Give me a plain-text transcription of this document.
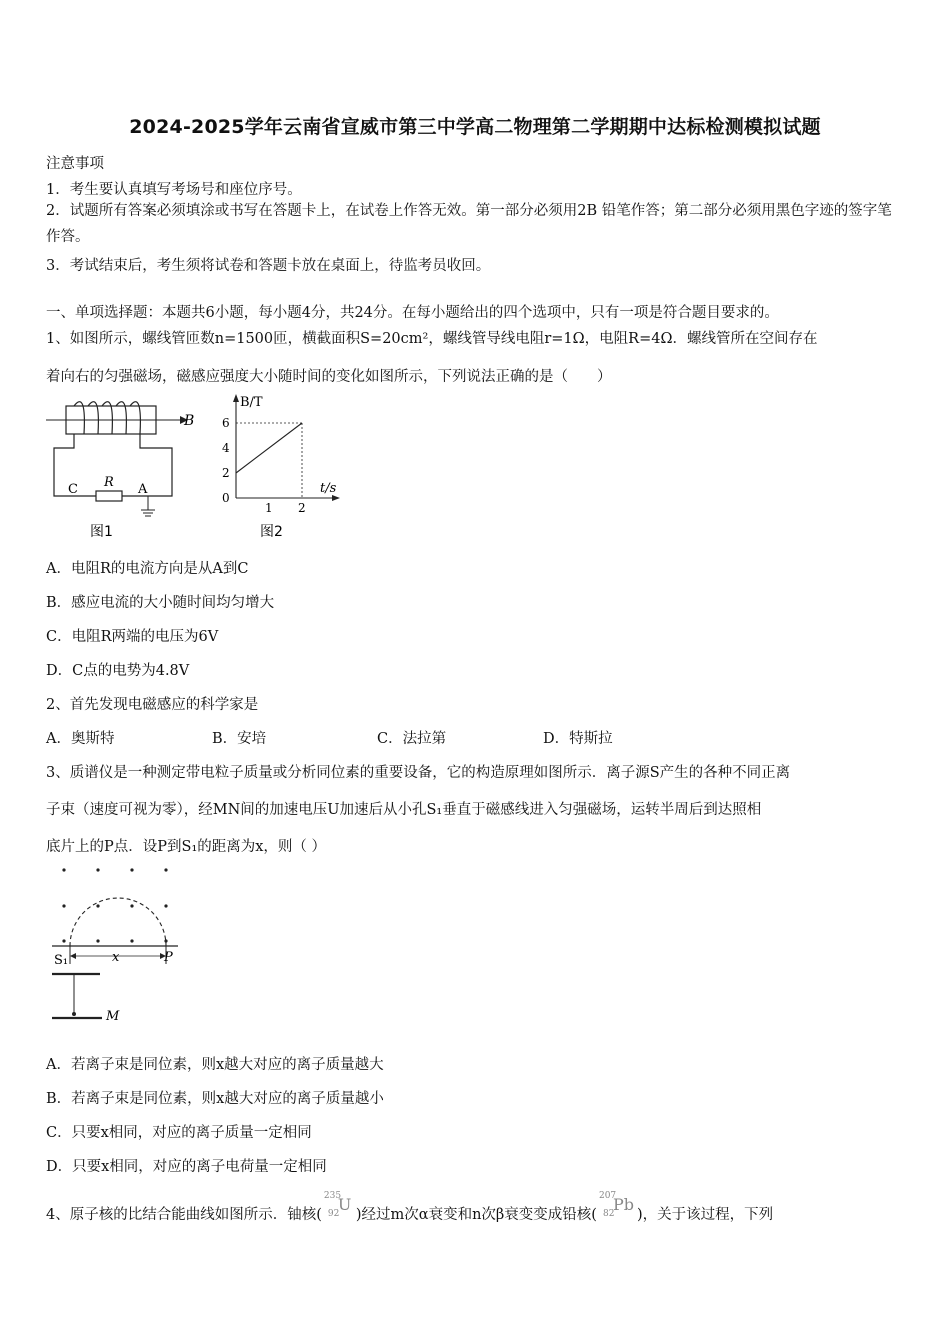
2024-2025学年云南省宣威市第三中学高二物理第二学期期中达标检测模拟试题
注意事项
1．考生要认真填写考场号和座位序号。
2．试题所有答案必须填涂或书写在答题卡上，在试卷上作答无效。第一部分必须用2B 铅笔作答；第二部分必须用黑色字迹的签字笔作答。
3．考试结束后，考生须将试卷和答题卡放在桌面上，待监考员收回。
一、单项选择题：本题共6小题，每小题4分，共24分。在每小题给出的四个选项中，只有一项是符合题目要求的。
1、如图所示，螺线管匝数n=1500匝，横截面积S=20cm²，螺线管导线电阻r=1Ω，电阻R=4Ω．螺线管所在空间存在
着向右的匀强磁场，磁感应强度大小随时间的变化如图所示，下列说法正确的是（　　）
B
R
C	A
图1
B/T
t/s
6
4
2
0
1 2
图2
A．电阻R的电流方向是从A到C
B．感应电流的大小随时间均匀增大
C．电阻R两端的电压为6V
D．C点的电势为4.8V
2、首先发现电磁感应的科学家是
A．奥斯特	B．安培	C．法拉第	D．特斯拉
3、质谱仪是一种测定带电粒子质量或分析同位素的重要设备，它的构造原理如图所示．离子源S产生的各种不同正离
子束（速度可视为零），经MN间的加速电压U加速后从小孔S₁垂直于磁感线进入匀强磁场，运转半周后到达照相
底片上的P点．设P到S₁的距离为x，则（ ）
x
S₁	P
M
A．若离子束是同位素，则x越大对应的离子质量越大
B．若离子束是同位素，则x越大对应的离子质量越小
C．只要x相同，对应的离子质量一定相同
D．只要x相同，对应的离子电荷量一定相同
4、原子核的比结合能曲线如图所示．铀核(
235
92
U
)经过m次α衰变和n次β衰变变成铅核(
207
82
Pb
)，关于该过程，下列
